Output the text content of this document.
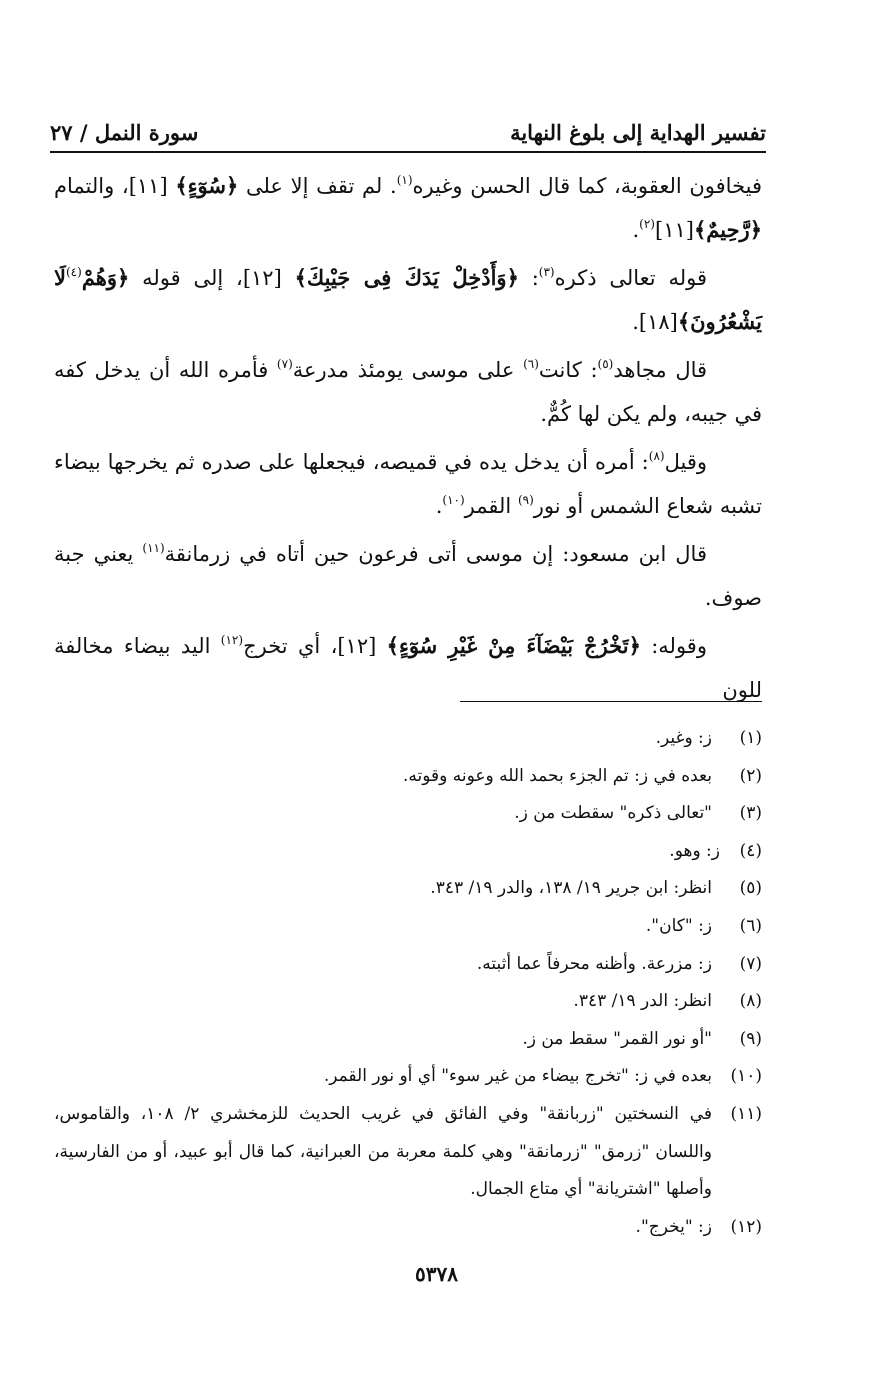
تفسير الهداية إلى بلوغ النهاية
سورة النمل / ٢٧

فيخافون العقوبة، كما قال الحسن وغيره$^{(١)}$. لم تقف إلا على ﴿سُوٓءٍ﴾ [١١]، والتمام ﴿رَّحِيمٌ﴾[١١]$^{(٢)}$.

قوله تعالى ذكره$^{(٣)}$: ﴿وَأَدْخِلْ يَدَكَ فِى جَيْبِكَ﴾ [١٢]، إلى قوله ﴿وَهُمْ$^{(٤)}$لَا يَشْعُرُونَ﴾[١٨].

قال مجاهد$^{(٥)}$: كانت$^{(٦)}$ على موسى يومئذ مدرعة$^{(٧)}$ فأمره الله أن يدخل كفه في جيبه، ولم يكن لها كُمٌّ.

وقيل$^{(٨)}$: أمره أن يدخل يده في قميصه، فيجعلها على صدره ثم يخرجها بيضاء تشبه شعاع الشمس أو نور$^{(٩)}$ القمر$^{(١٠)}$.

قال ابن مسعود: إن موسى أتى فرعون حين أتاه في زرمانقة$^{(١١)}$ يعني جبة صوف.

وقوله: ﴿تَخْرُجْ بَيْضَآءَ مِنْ غَيْرِ سُوٓءٍ﴾ [١٢]، أي تخرج$^{(١٢)}$ اليد بيضاء مخالفة للون

(١)
ز: وغير.
(٢)
بعده في ز: تم الجزء بحمد الله وعونه وقوته.
(٣)
"تعالى ذكره" سقطت من ز.
(٤)
ز: وهو.
(٥)
انظر: ابن جرير ١٩/ ١٣٨، والدر ١٩/ ٣٤٣.
(٦)
ز: "كان".
(٧)
ز: مزرعة. وأظنه محرفاً عما أثبته.
(٨)
انظر: الدر ١٩/ ٣٤٣.
(٩)
"أو نور القمر" سقط من ز.
(١٠)
بعده في ز: "تخرج بيضاء من غير سوء" أي أو نور القمر.
(١١)
في النسختين "زربانقة" وفي الفائق في غريب الحديث للزمخشري ٢/ ١٠٨، والقاموس، واللسان "زرمق" "زرمانقة" وهي كلمة معربة من العبرانية، كما قال أبو عبيد، أو من الفارسية، وأصلها "اشتريانة" أي متاع الجمال.
(١٢)
ز: "يخرج".
٥٣٧٨
